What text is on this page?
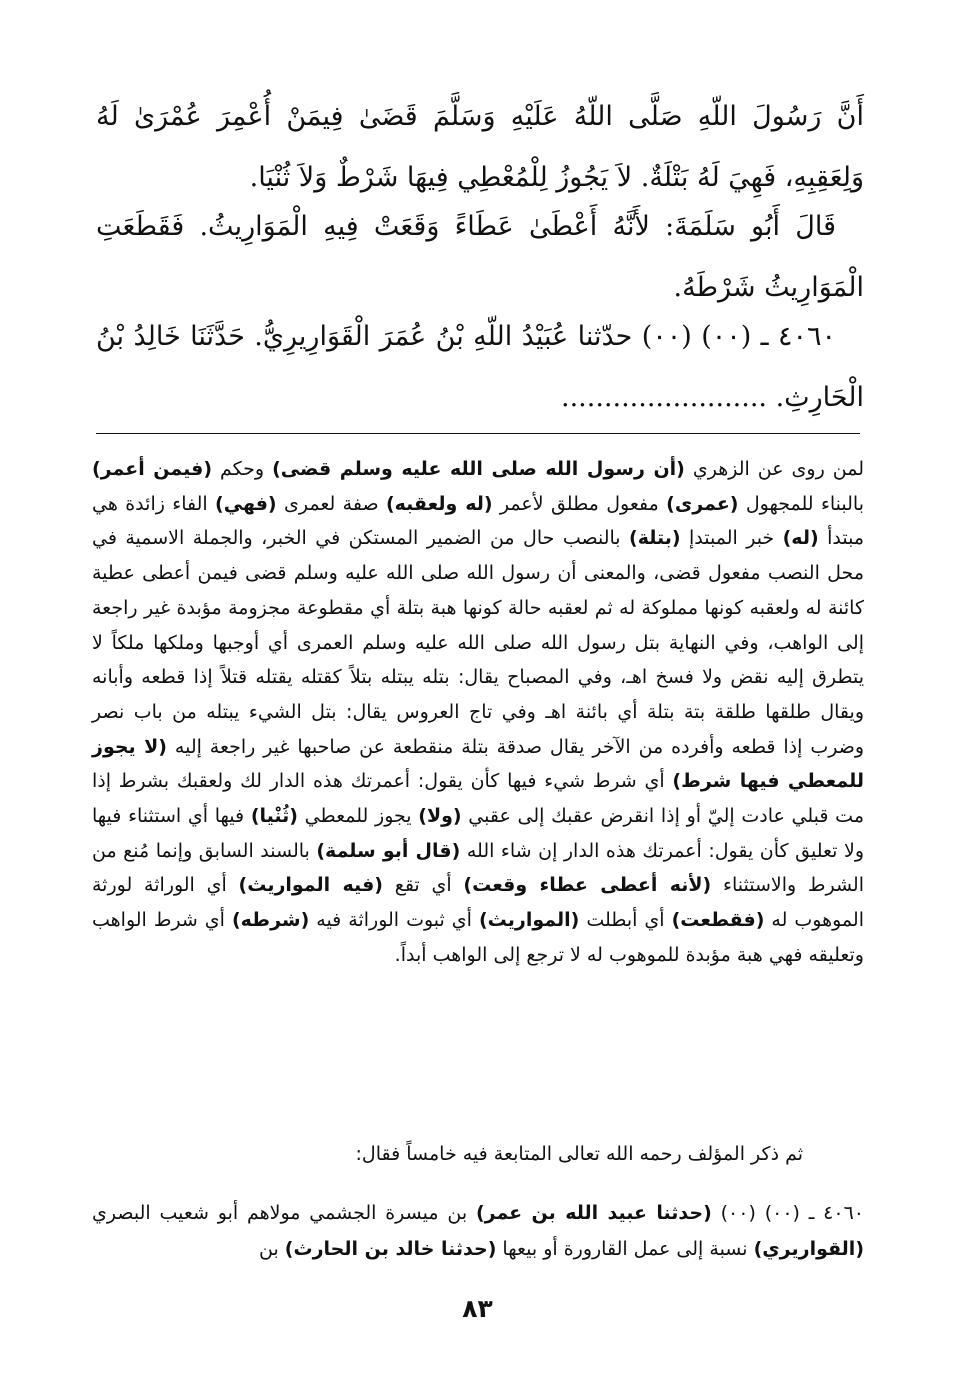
أَنَّ رَسُولَ اللّهِ صَلَّى اللّهُ عَلَيْهِ وَسَلَّمَ قَضَىٰ فِيمَنْ أُعْمِرَ عُمْرَىٰ لَهُ وَلِعَقِبِهِ، فَهِيَ لَهُ بَتْلَةٌ. لاَ يَجُوزُ لِلْمُعْطِي فِيهَا شَرْطٌ وَلاَ ثُنْيَا.

قَالَ أَبُو سَلَمَةَ: لأَنَّهُ أَعْطَىٰ عَطَاءً وَقَعَتْ فِيهِ الْمَوَارِيثُ. فَقَطَعَتِ الْمَوَارِيثُ شَرْطَهُ.

٤٠٦٠ ـ (٠٠) (٠٠) حدّثنا عُبَيْدُ اللّهِ بْنُ عُمَرَ الْقَوَارِيرِيُّ. حَدَّثَنَا خَالِدُ بْنُ الْحَارِثِ. ........................

لمن روى عن الزهري (أن رسول الله صلى الله عليه وسلم قضى) وحكم (فيمن أعمر) بالبناء للمجهول (عمرى) مفعول مطلق لأعمر (له ولعقبه) صفة لعمرى (فهي) الفاء زائدة هي مبتدأ (له) خبر المبتدإ (بتلة) بالنصب حال من الضمير المستكن في الخبر، والجملة الاسمية في محل النصب مفعول قضى، والمعنى أن رسول الله صلى الله عليه وسلم قضى فيمن أعطى عطية كائنة له ولعقبه كونها مملوكة له ثم لعقبه حالة كونها هبة بتلة أي مقطوعة مجزومة مؤبدة غير راجعة إلى الواهب، وفي النهاية بتل رسول الله صلى الله عليه وسلم العمرى أي أوجبها وملكها ملكاً لا يتطرق إليه نقض ولا فسخ اهـ، وفي المصباح يقال: بتله يبتله بتلاً كقتله يقتله قتلاً إذا قطعه وأبانه ويقال طلقها طلقة بتة بتلة أي بائنة اهـ وفي تاج العروس يقال: بتل الشيء يبتله من باب نصر وضرب إذا قطعه وأفرده من الآخر يقال صدقة بتلة منقطعة عن صاحبها غير راجعة إليه (لا يجوز للمعطي فيها شرط) أي شرط شيء فيها كأن يقول: أعمرتك هذه الدار لك ولعقبك بشرط إذا مت قبلي عادت إليّ أو إذا انقرض عقبك إلى عقبي (ولا) يجوز للمعطي (ثُنْيا) فيها أي استثناء فيها ولا تعليق كأن يقول: أعمرتك هذه الدار إن شاء الله (قال أبو سلمة) بالسند السابق وإنما مُنع من الشرط والاستثناء (لأنه أعطى عطاء وقعت) أي تقع (فيه المواريث) أي الوراثة لورثة الموهوب له (فقطعت) أي أبطلت (المواريث) أي ثبوت الوراثة فيه (شرطه) أي شرط الواهب وتعليقه فهي هبة مؤبدة للموهوب له لا ترجع إلى الواهب أبداً.

ثم ذكر المؤلف رحمه الله تعالى المتابعة فيه خامساً فقال:

٤٠٦٠ ـ (٠٠) (٠٠) (حدثنا عبيد الله بن عمر) بن ميسرة الجشمي مولاهم أبو شعيب البصري (القواريري) نسبة إلى عمل القارورة أو بيعها (حدثنا خالد بن الحارث) بن

٨٣
